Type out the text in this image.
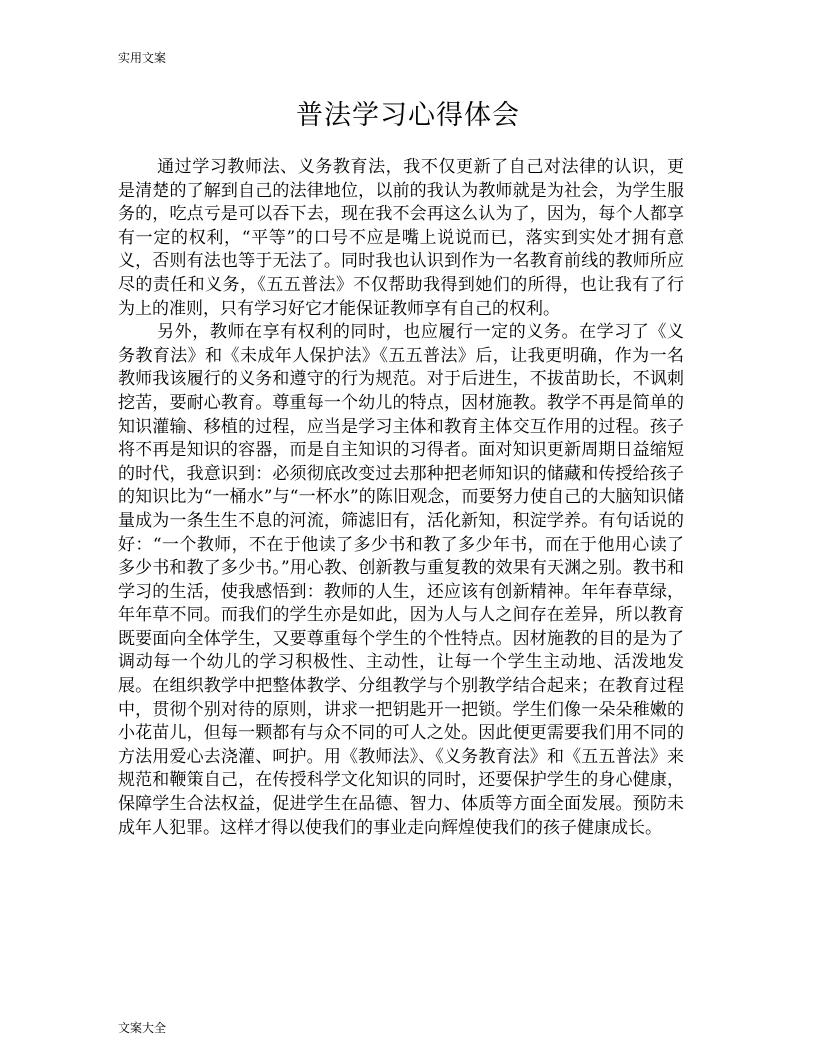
实用文案
普法学习心得体会

通过学习教师法、义务教育法，我不仅更新了自己对法律的认识，更是清楚的了解到自己的法律地位，以前的我认为教师就是为社会，为学生服务的，吃点亏是可以吞下去，现在我不会再这么认为了，因为，每个人都享有一定的权利，“平等”的口号不应是嘴上说说而已，落实到实处才拥有意义，否则有法也等于无法了。同时我也认识到作为一名教育前线的教师所应尽的责任和义务，《五五普法》不仅帮助我得到她们的所得，也让我有了行为上的准则，只有学习好它才能保证教师享有自己的权利。

另外，教师在享有权利的同时，也应履行一定的义务。在学习了《义务教育法》和《未成年人保护法》《五五普法》后，让我更明确，作为一名教师我该履行的义务和遵守的行为规范。对于后进生，不拔苗助长，不讽刺挖苦，要耐心教育。尊重每一个幼儿的特点，因材施教。教学不再是简单的知识灌输、移植的过程，应当是学习主体和教育主体交互作用的过程。孩子将不再是知识的容器，而是自主知识的习得者。面对知识更新周期日益缩短的时代，我意识到：必须彻底改变过去那种把老师知识的储藏和传授给孩子的知识比为“一桶水”与“一杯水”的陈旧观念，而要努力使自己的大脑知识储量成为一条生生不息的河流，筛滤旧有，活化新知，积淀学养。有句话说的好：“一个教师，不在于他读了多少书和教了多少年书，而在于他用心读了多少书和教了多少书。”用心教、创新教与重复教的效果有天渊之别。教书和学习的生活，使我感悟到：教师的人生，还应该有创新精神。年年春草绿，年年草不同。而我们的学生亦是如此，因为人与人之间存在差异，所以教育既要面向全体学生，又要尊重每个学生的个性特点。因材施教的目的是为了调动每一个幼儿的学习积极性、主动性，让每一个学生主动地、活泼地发展。在组织教学中把整体教学、分组教学与个别教学结合起来；在教育过程中，贯彻个别对待的原则，讲求一把钥匙开一把锁。学生们像一朵朵稚嫩的小花苗儿，但每一颗都有与众不同的可人之处。因此便更需要我们用不同的方法用爱心去浇灌、呵护。用《教师法》、《义务教育法》和《五五普法》来规范和鞭策自己，在传授科学文化知识的同时，还要保护学生的身心健康，保障学生合法权益，促进学生在品德、智力、体质等方面全面发展。预防未成年人犯罪。这样才得以使我们的事业走向辉煌使我们的孩子健康成长。

文案大全
